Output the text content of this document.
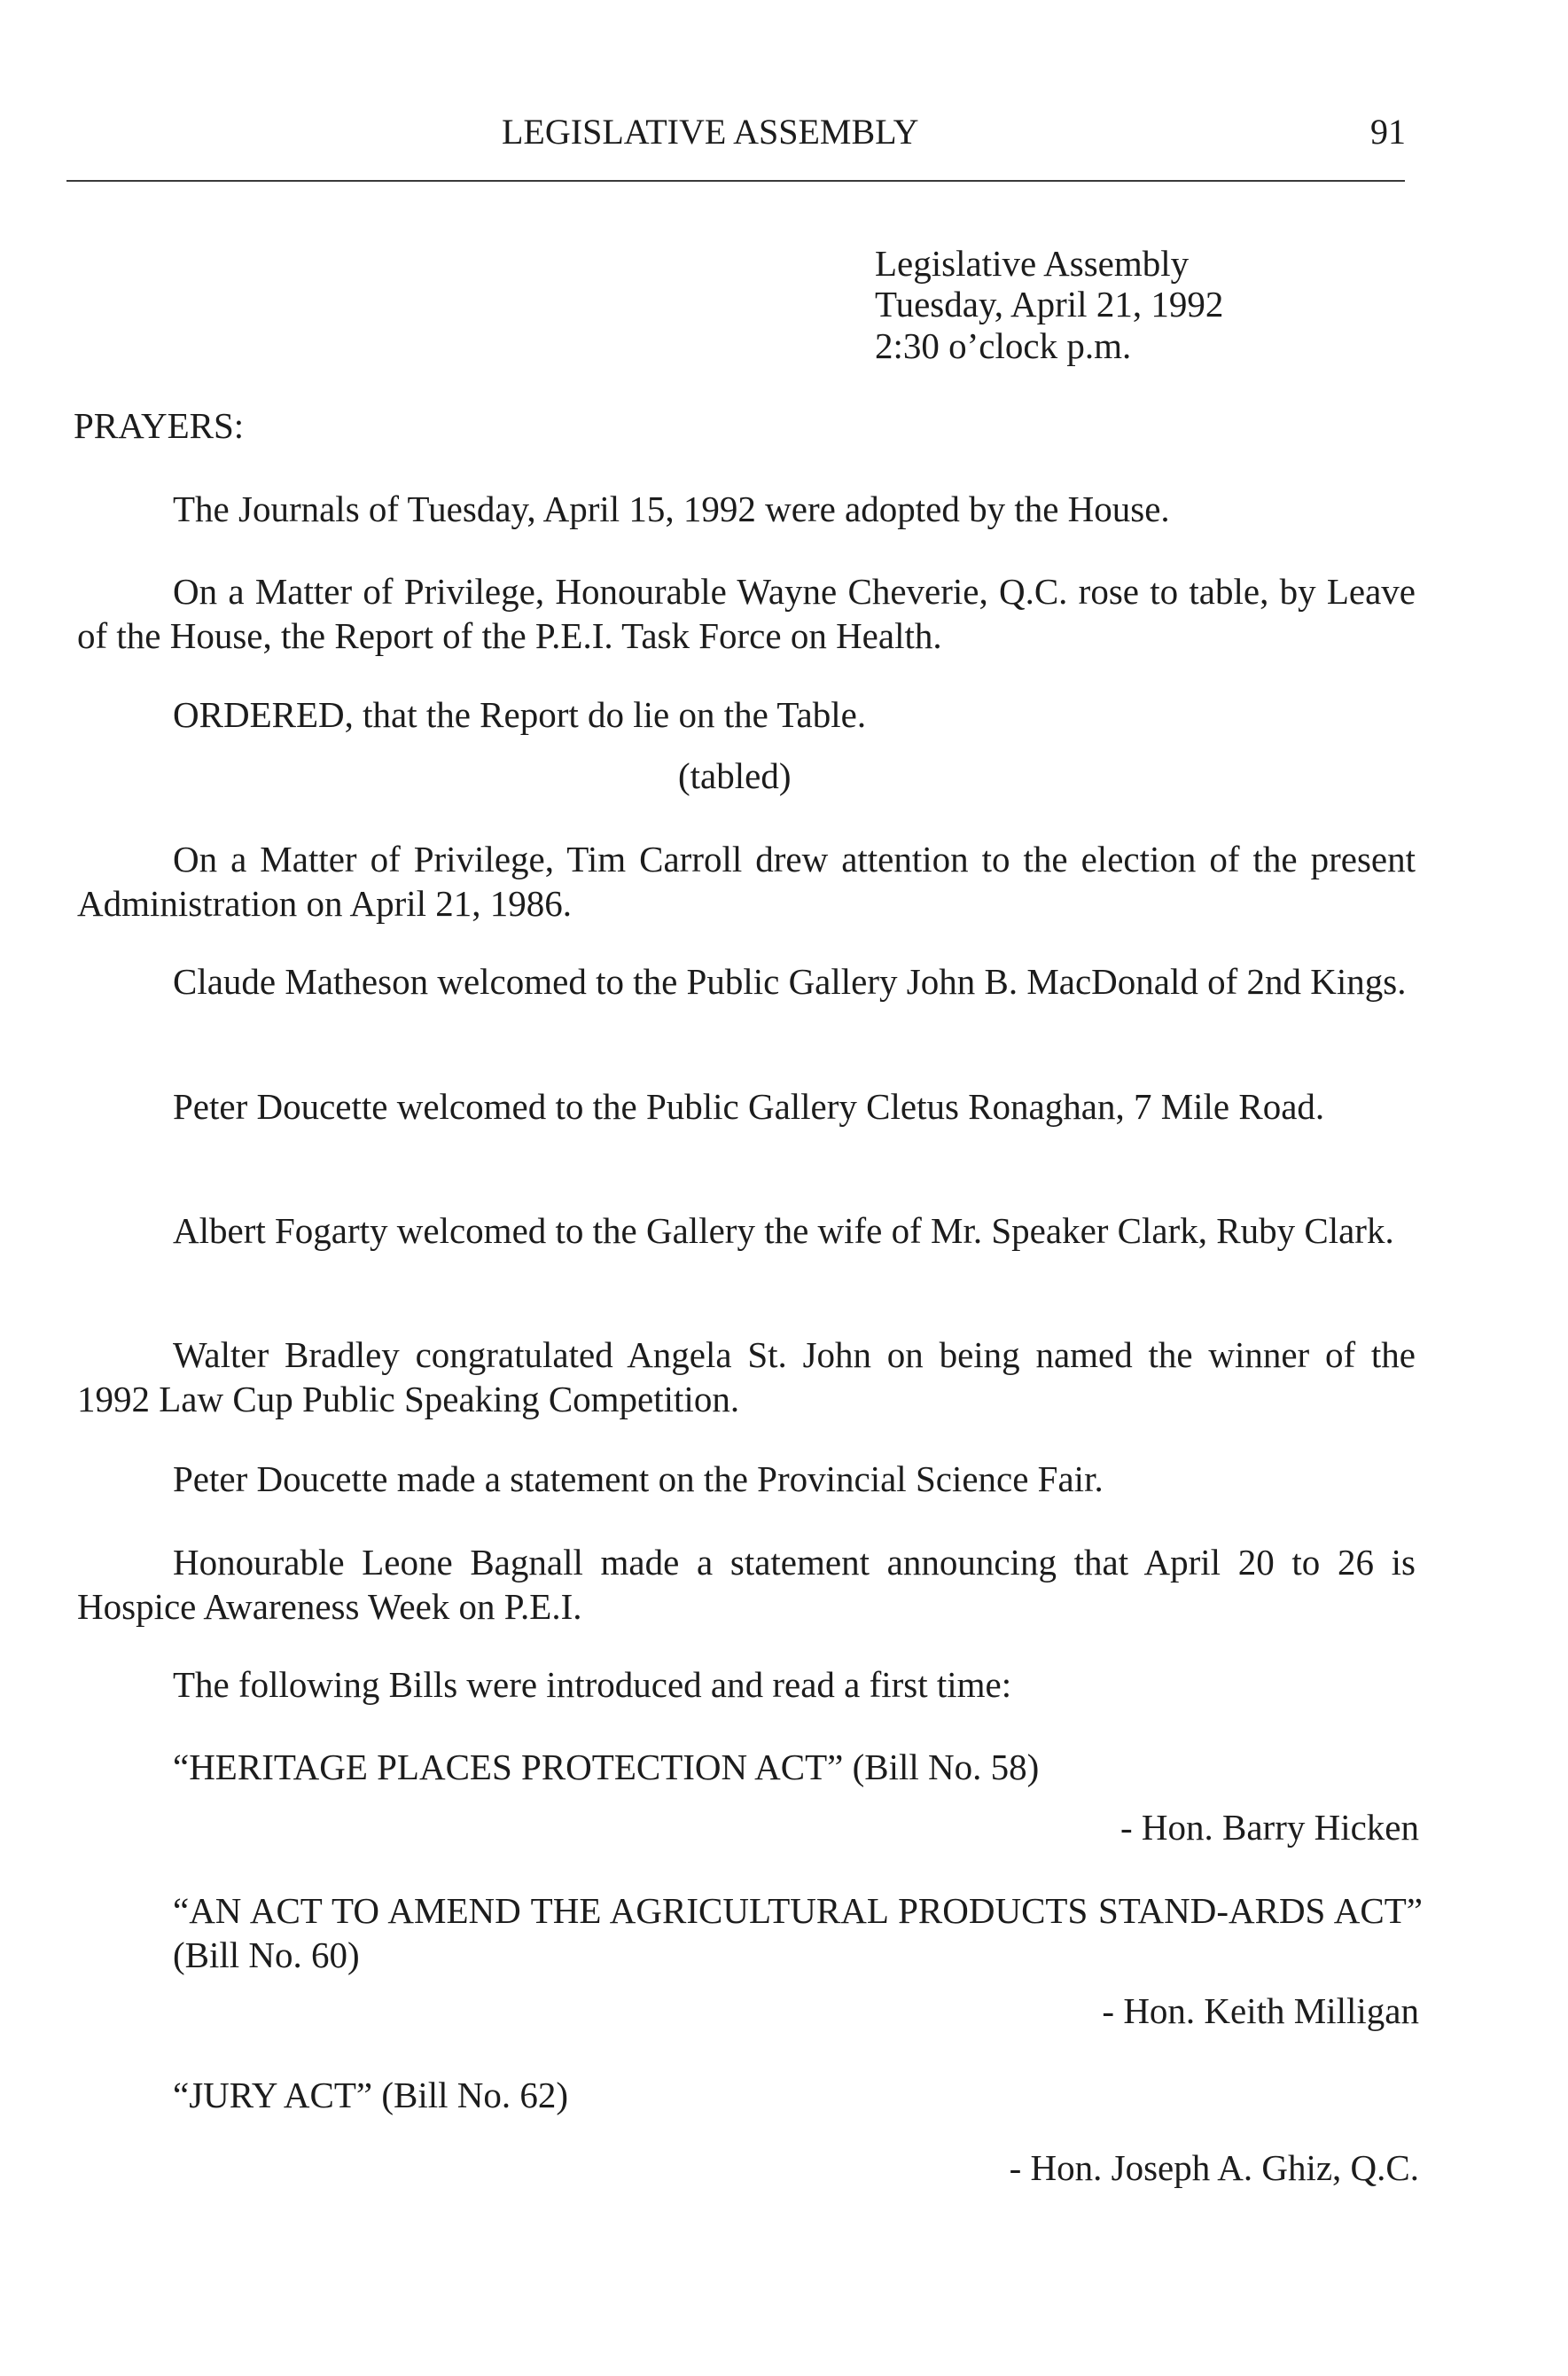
LEGISLATIVE ASSEMBLY	91
Legislative Assembly
Tuesday, April 21, 1992
2:30 o’clock p.m.
PRAYERS:

The Journals of Tuesday, April 15, 1992 were adopted by the House.

On a Matter of Privilege, Honourable Wayne Cheverie, Q.C. rose to table, by Leave of the House, the Report of the P.E.I. Task Force on Health.

ORDERED, that the Report do lie on the Table.

(tabled)

On a Matter of Privilege, Tim Carroll drew attention to the election of the present Administration on April 21, 1986.

Claude Matheson welcomed to the Public Gallery John B. MacDonald of 2nd Kings.

Peter Doucette welcomed to the Public Gallery Cletus Ronaghan, 7 Mile Road.

Albert Fogarty welcomed to the Gallery the wife of Mr. Speaker Clark, Ruby Clark.

Walter Bradley congratulated Angela St. John on being named the winner of the 1992 Law Cup Public Speaking Competition.

Peter Doucette made a statement on the Provincial Science Fair.

Honourable Leone Bagnall made a statement announcing that April 20 to 26 is Hospice Awareness Week on P.E.I.

The following Bills were introduced and read a first time:

“HERITAGE PLACES PROTECTION ACT” (Bill No. 58)
- Hon. Barry Hicken
“AN ACT TO AMEND THE AGRICULTURAL PRODUCTS STAND-ARDS ACT” (Bill No. 60)
- Hon. Keith Milligan
“JURY ACT” (Bill No. 62)
- Hon. Joseph A. Ghiz, Q.C.
